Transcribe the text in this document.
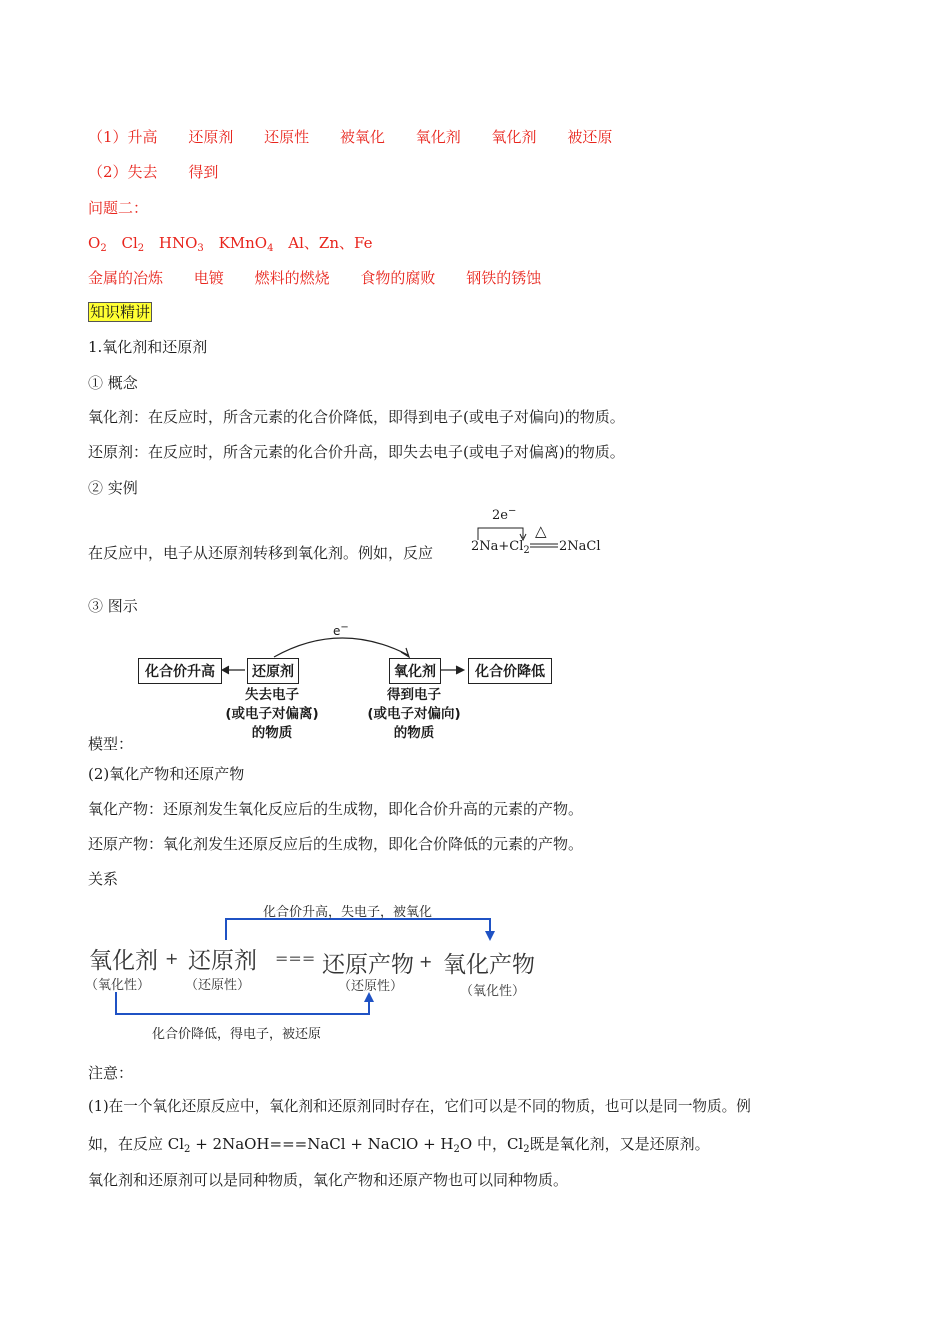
（1）升高 还原剂 还原性 被氧化 氧化剂 氧化剂 被还原
（2）失去 得到
问题二：
$O_2$ $Cl_2$ $HNO_3$ KMnO$_4$ Al、Zn、Fe
金属的冶炼 电镀 燃料的燃烧 食物的腐败 钢铁的锈蚀
知识精讲
1.氧化剂和还原剂
① 概念
氧化剂：在反应时，所含元素的化合价降低，即得到电子(或电子对偏向)的物质。
还原剂：在反应时，所含元素的化合价升高，即失去电子(或电子对偏离)的物质。
② 实例
在反应中，电子从还原剂转移到氧化剂。例如，反应
2e−
$2Na+Cl_2$
△
2NaCl
③ 图示
e−
化合价升高	还原剂	氧化剂	化合价降低
失去电子
(或电子对偏离)
的物质
得到电子
(或电子对偏向)
的物质
模型：
(2)氧化产物和还原产物
氧化产物：还原剂发生氧化反应后的生成物，即化合价升高的元素的产物。
还原产物：氧化剂发生还原反应后的生成物，即化合价降低的元素的产物。
关系
化合价升高，失电子，被氧化
氧化剂 + 还原剂 === 还原产物 + 氧化产物
（氧化性）	（还原性）	（还原性）	（氧化性）
化合价降低，得电子，被还原
注意：
(1)在一个氧化还原反应中，氧化剂和还原剂同时存在，它们可以是不同的物质，也可以是同一物质。例
如，在反应 $Cl_2$ + 2NaOH===NaCl + NaClO + $H_2O$ 中，$Cl_2$既是氧化剂，又是还原剂。
氧化剂和还原剂可以是同种物质，氧化产物和还原产物也可以同种物质。
